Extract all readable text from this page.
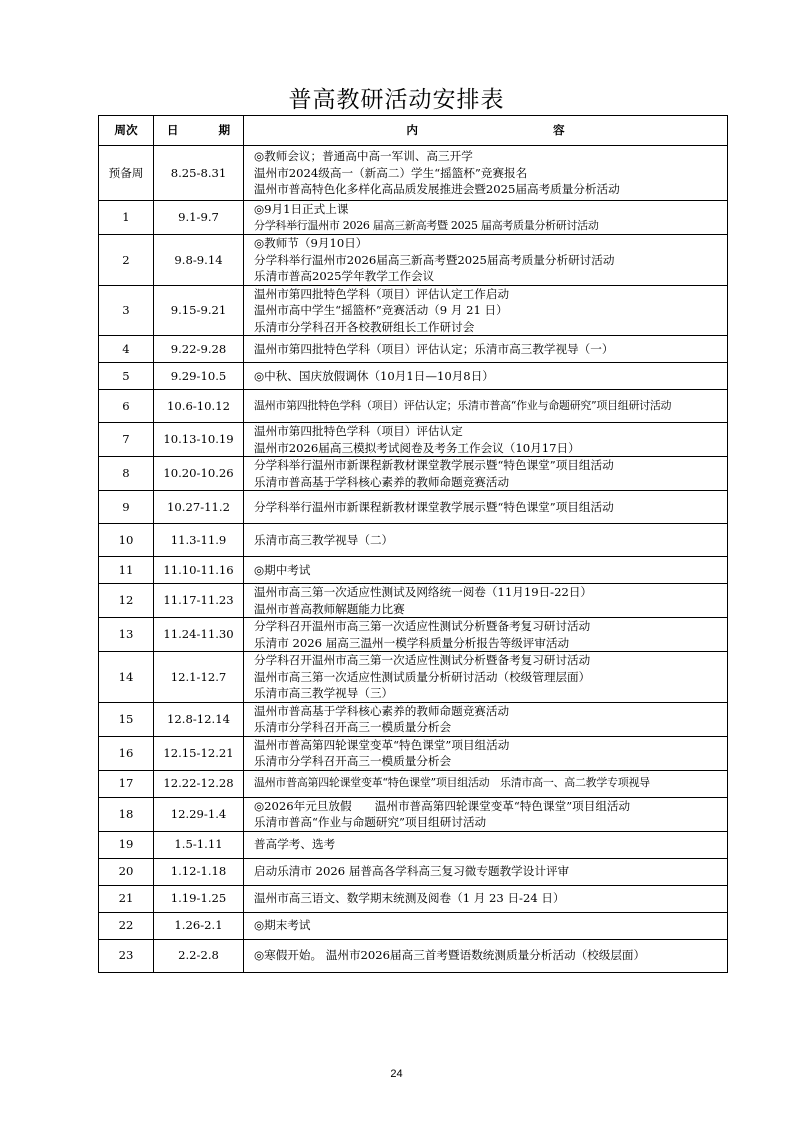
普高教研活动安排表
周次	日 期	内 容
预备周	8.25-8.31	◎教师会议；普通高中高一军训、高三开学
温州市2024级高一（新高二）学生“摇篮杯”竞赛报名
温州市普高特色化多样化高品质发展推进会暨2025届高考质量分析活动

1	9.1-9.7	◎9月1日正式上课
分学科举行温州市 2026 届高三新高考暨 2025 届高考质量分析研讨活动

2	9.8-9.14	◎教师节（9月10日）
分学科举行温州市2026届高三新高考暨2025届高考质量分析研讨活动
乐清市普高2025学年教学工作会议

3	9.15-9.21	温州市第四批特色学科（项目）评估认定工作启动
温州市高中学生“摇篮杯”竞赛活动（9 月 21 日）
乐清市分学科召开各校教研组长工作研讨会

4	9.22-9.28	温州市第四批特色学科（项目）评估认定；乐清市高三教学视导（一）

5	9.29-10.5	◎中秋、国庆放假调休（10月1日—10月8日）

6	10.6-10.12	温州市第四批特色学科（项目）评估认定；乐清市普高“作业与命题研究”项目组研讨活动

7	10.13-10.19	温州市第四批特色学科（项目）评估认定
温州市2026届高三模拟考试阅卷及考务工作会议（10月17日）

8	10.20-10.26	分学科举行温州市新课程新教材课堂教学展示暨“特色课堂”项目组活动
乐清市普高基于学科核心素养的教师命题竞赛活动

9	10.27-11.2	分学科举行温州市新课程新教材课堂教学展示暨“特色课堂”项目组活动

10	11.3-11.9	乐清市高三教学视导（二）

11	11.10-11.16	◎期中考试

12	11.17-11.23	温州市高三第一次适应性测试及网络统一阅卷（11月19日-22日）
温州市普高教师解题能力比赛

13	11.24-11.30	分学科召开温州市高三第一次适应性测试分析暨备考复习研讨活动
乐清市 2026 届高三温州一模学科质量分析报告等级评审活动

14	12.1-12.7	分学科召开温州市高三第一次适应性测试分析暨备考复习研讨活动
温州市高三第一次适应性测试质量分析研讨活动（校级管理层面）
乐清市高三教学视导（三）

15	12.8-12.14	温州市普高基于学科核心素养的教师命题竞赛活动
乐清市分学科召开高三一模质量分析会

16	12.15-12.21	温州市普高第四轮课堂变革“特色课堂”项目组活动
乐清市分学科召开高三一模质量分析会

17	12.22-12.28	温州市普高第四轮课堂变革“特色课堂”项目组活动　乐清市高一、高二教学专项视导

18	12.29-1.4	◎2026年元旦放假　　温州市普高第四轮课堂变革“特色课堂”项目组活动
乐清市普高“作业与命题研究”项目组研讨活动

19	1.5-1.11	普高学考、选考

20	1.12-1.18	启动乐清市 2026 届普高各学科高三复习微专题教学设计评审

21	1.19-1.25	温州市高三语文、数学期末统测及阅卷（1 月 23 日-24 日）

22	1.26-2.1	◎期末考试

23	2.2-2.8	◎寒假开始。 温州市2026届高三首考暨语数统测质量分析活动（校级层面）
24
